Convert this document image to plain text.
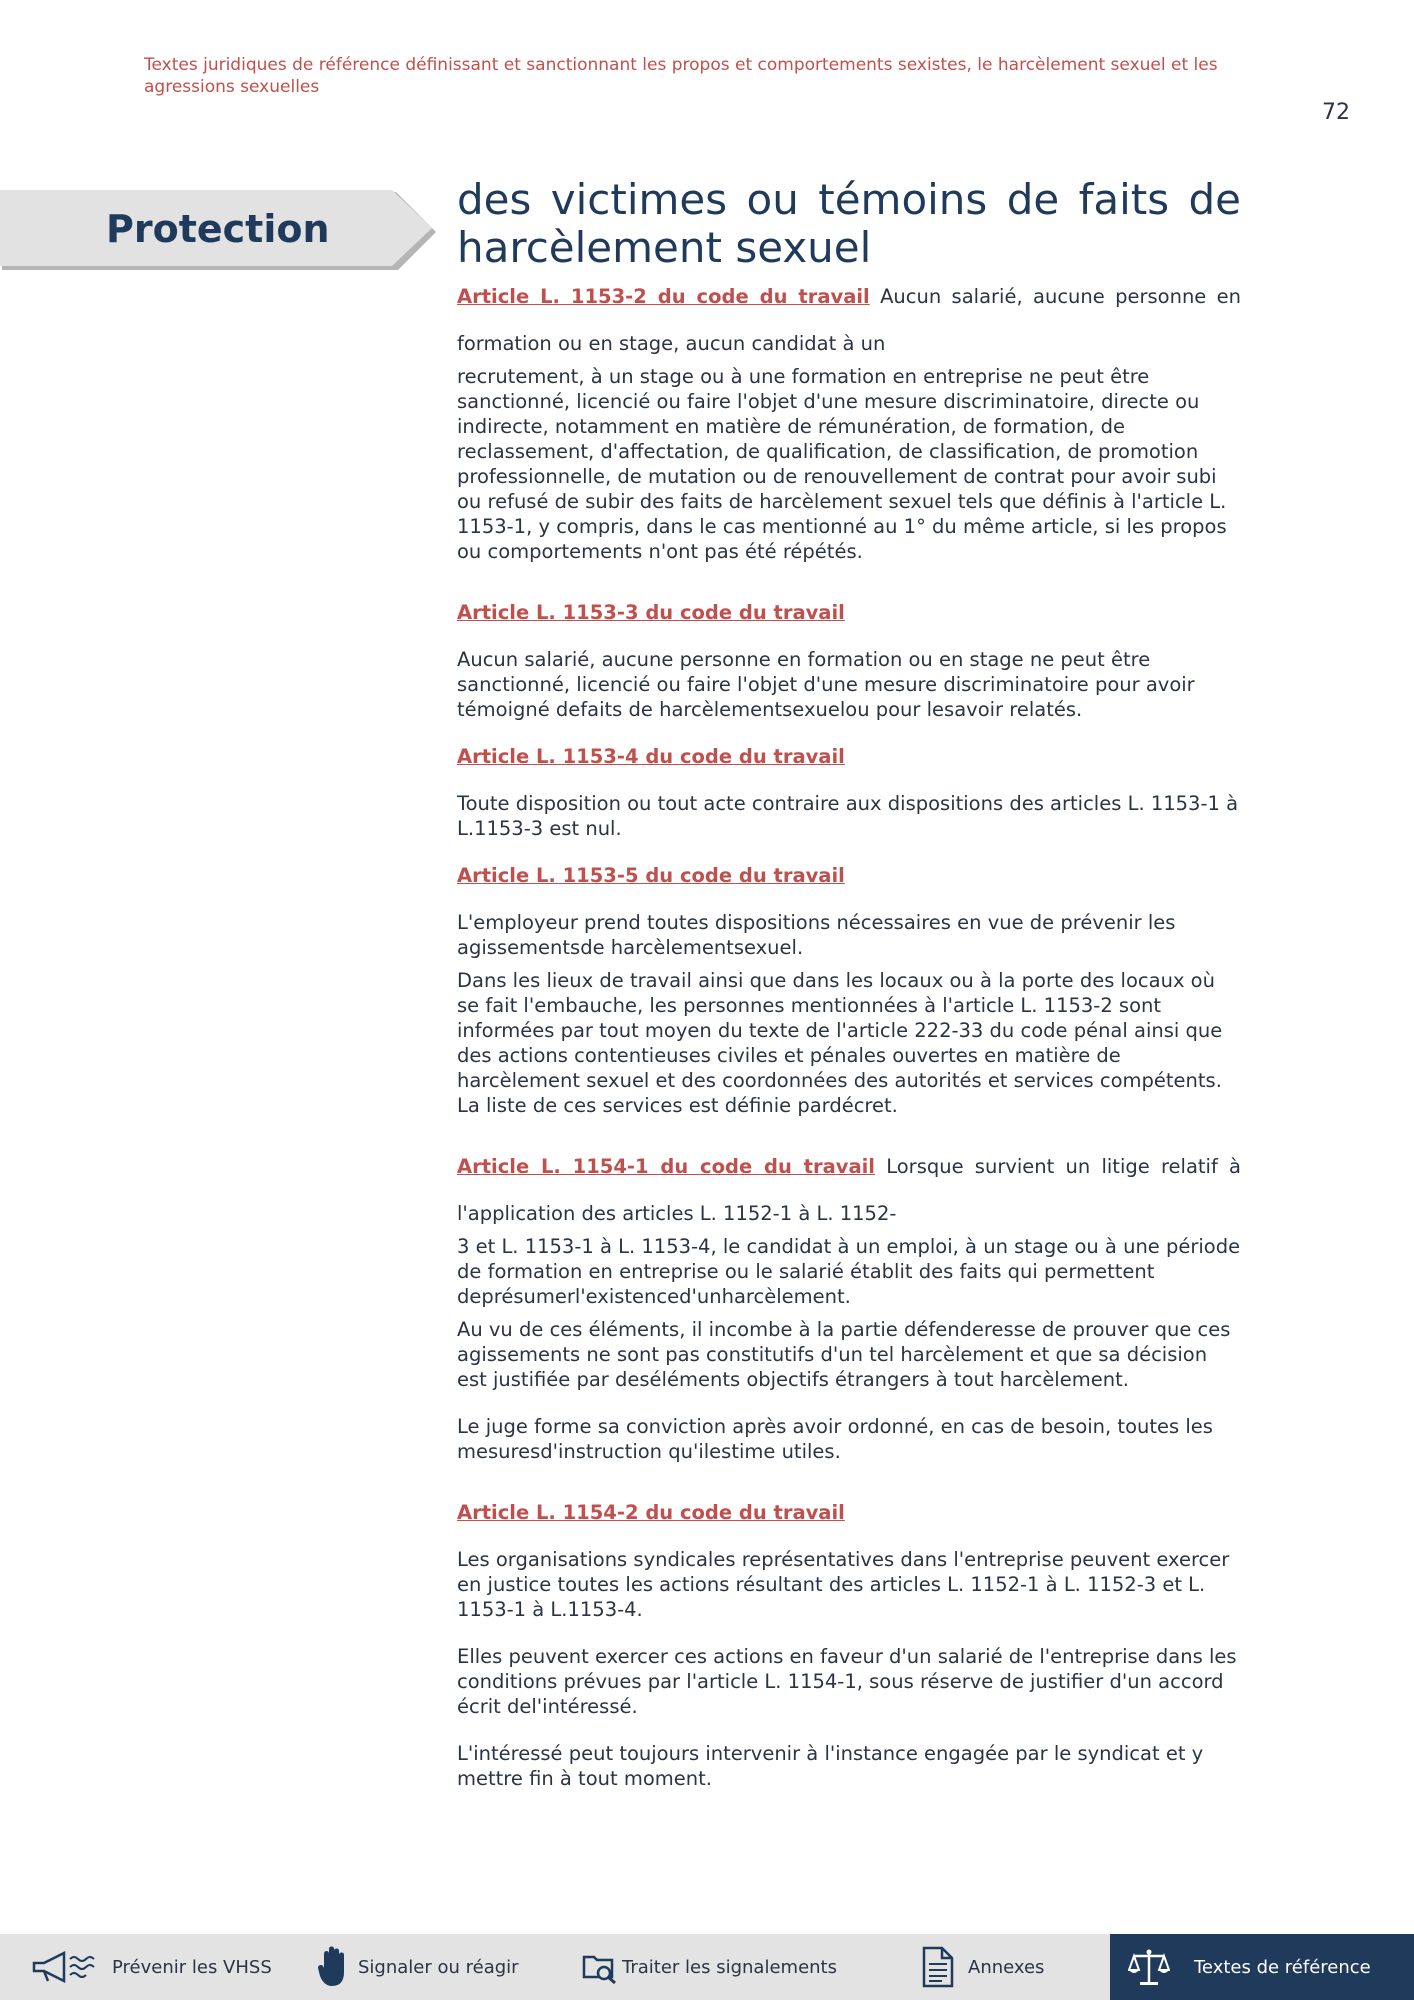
Textes juridiques de référence définissant et sanctionnant les propos et comportements sexistes, le harcèlement sexuel et les agressions sexuelles
72
Protection
des victimes ou témoins de faits de harcèlement sexuel

Article L. 1153-2 du code du travail Aucun salarié, aucune personne en

formation ou en stage, aucun candidat à un

recrutement, à un stage ou à une formation en entreprise ne peut être sanctionné, licencié ou faire l'objet d'une mesure discriminatoire, directe ou indirecte, notamment en matière de rémunération, de formation, de reclassement, d'affectation, de qualification, de classification, de promotion professionnelle, de mutation ou de renouvellement de contrat pour avoir subi ou refusé de subir des faits de harcèlement sexuel tels que définis à l'article L. 1153-1, y compris, dans le cas mentionné au 1° du même article, si les propos ou comportements n'ont pas été répétés.

Article L. 1153-3 du code du travail

Aucun salarié, aucune personne en formation ou en stage ne peut être sanctionné, licencié ou faire l'objet d'une mesure discriminatoire pour avoir témoigné defaits de harcèlementsexuelou pour lesavoir relatés.

Article L. 1153-4 du code du travail

Toute disposition ou tout acte contraire aux dispositions des articles L. 1153-1 à L.1153-3 est nul.

Article L. 1153-5 du code du travail

L'employeur prend toutes dispositions nécessaires en vue de prévenir les agissementsde harcèlementsexuel.

Dans les lieux de travail ainsi que dans les locaux ou à la porte des locaux où se fait l'embauche, les personnes mentionnées à l'article L. 1153-2 sont informées par tout moyen du texte de l'article 222-33 du code pénal ainsi que des actions contentieuses civiles et pénales ouvertes en matière de harcèlement sexuel et des coordonnées des autorités et services compétents. La liste de ces services est définie pardécret.

Article L. 1154-1 du code du travail Lorsque survient un litige relatif à

l'application des articles L. 1152-1 à L. 1152-

3 et L. 1153-1 à L. 1153-4, le candidat à un emploi, à un stage ou à une période de formation en entreprise ou le salarié établit des faits qui permettent deprésumerl'existenced'unharcèlement.

Au vu de ces éléments, il incombe à la partie défenderesse de prouver que ces agissements ne sont pas constitutifs d'un tel harcèlement et que sa décision est justifiée par deséléments objectifs étrangers à tout harcèlement.

Le juge forme sa conviction après avoir ordonné, en cas de besoin, toutes les mesuresd'instruction qu'ilestime utiles.

Article L. 1154-2 du code du travail

Les organisations syndicales représentatives dans l'entreprise peuvent exercer en justice toutes les actions résultant des articles L. 1152-1 à L. 1152-3 et L. 1153-1 à L.1153-4.

Elles peuvent exercer ces actions en faveur d'un salarié de l'entreprise dans les conditions prévues par l'article L. 1154-1, sous réserve de justifier d'un accord écrit del'intéressé.

L'intéressé peut toujours intervenir à l'instance engagée par le syndicat et y mettre fin à tout moment.

Prévenir les VHSS	Signaler ou réagir	Traiter les signalements	Annexes	Textes de référence
